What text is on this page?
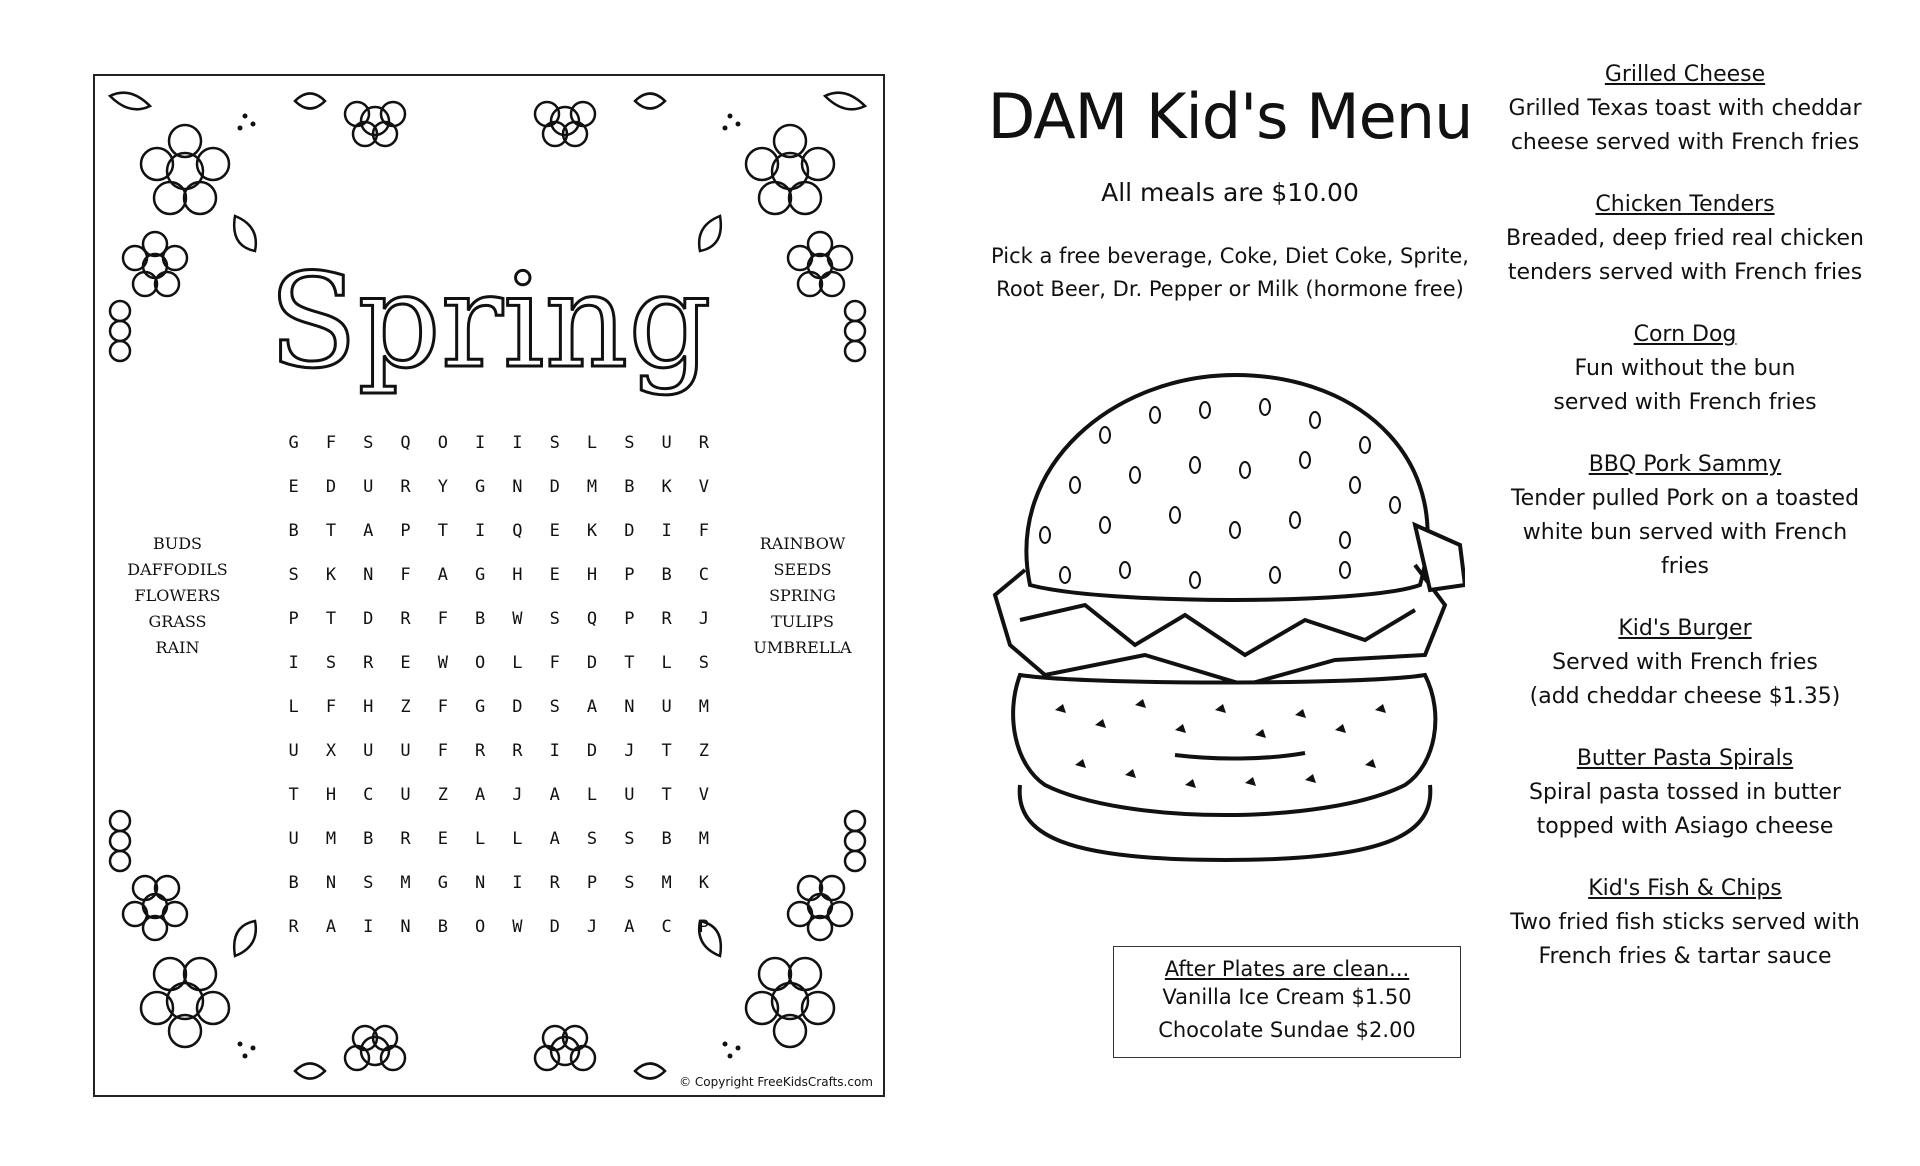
Spring
BUDS
DAFFODILS
FLOWERS
GRASS
RAIN
G	F	S	Q	O	I	I	S	L	S	U	R
E	D	U	R	Y	G	N	D	M	B	K	V
B	T	A	P	T	I	Q	E	K	D	I	F
S	K	N	F	A	G	H	E	H	P	B	C
P	T	D	R	F	B	W	S	Q	P	R	J
I	S	R	E	W	O	L	F	D	T	L	S
L	F	H	Z	F	G	D	S	A	N	U	M
U	X	U	U	F	R	R	I	D	J	T	Z
T	H	C	U	Z	A	J	A	L	U	T	V
U	M	B	R	E	L	L	A	S	S	B	M
B	N	S	M	G	N	I	R	P	S	M	K
R	A	I	N	B	O	W	D	J	A	C	P
RAINBOW
SEEDS
SPRING
TULIPS
UMBRELLA
© Copyright FreeKidsCrafts.com
DAM Kid's Menu
All meals are $10.00
Pick a free beverage, Coke, Diet Coke, Sprite,
Root Beer, Dr. Pepper or Milk (hormone free)
After Plates are clean...
Vanilla Ice Cream $1.50
Chocolate Sundae $2.00
Grilled Cheese
Grilled Texas toast with cheddar
cheese served with French fries
Chicken Tenders
Breaded, deep fried real chicken
tenders served with French fries
Corn Dog
Fun without the bun
served with French fries
BBQ Pork Sammy
Tender pulled Pork on a toasted
white bun served with French
fries
Kid's Burger
Served with French fries
(add cheddar cheese $1.35)
Butter Pasta Spirals
Spiral pasta tossed in butter
topped with Asiago cheese
Kid's Fish & Chips
Two fried fish sticks served with
French fries & tartar sauce
